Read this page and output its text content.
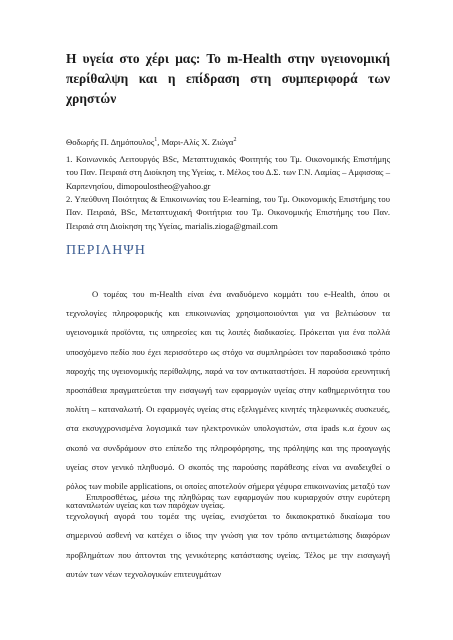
Η υγεία στο χέρι μας: Το m-Health στην υγειονομική περίθαλψη και η επίδραση στη συμπεριφορά των χρηστών
Θοδωρής Π. Δημόπουλος$^1$, Μαρι-Αλίς Χ. Ζιώγα$^2$
1. Κοινωνικός Λειτουργός BSc, Μεταπτυχιακός Φοιτητής του Τμ. Οικονομικής Επιστήμης του Παν. Πειραιά στη Διοίκηση της Υγείας, τ. Μέλος του Δ.Σ. των Γ.Ν. Λαμίας – Αμφισσας – Καρπενησίου, dimopoulostheo@yahoo.gr
2. Υπεύθυνη Ποιότητας & Επικοινωνίας του E-learning, του Τμ. Οικονομικής Επιστήμης του Παν. Πειραιά, BSc, Μεταπτυχιακή Φοιτήτρια του Τμ. Οικονομικής Επιστήμης του Παν. Πειραιά στη Διοίκηση της Υγείας, marialis.zioga@gmail.com
ΠΕΡΙΛΗΨΗ

Ο τομέας του m-Health είναι ένα αναδυόμενο κομμάτι του e-Health, όπου οι τεχνολογίες πληροφορικής και επικοινωνίας χρησιμοποιούνται για να βελτιώσουν τα υγειονομικά προϊόντα, τις υπηρεσίες και τις λοιπές διαδικασίες. Πρόκειται για ένα πολλά υποσχόμενο πεδίο που έχει περισσότερο ως στόχο να συμπληρώσει τον παραδοσιακό τρόπο παροχής της υγειονομικής περίθαλψης, παρά να τον αντικαταστήσει. Η παρούσα ερευνητική προσπάθεια πραγματεύεται την εισαγωγή των εφαρμογών υγείας στην καθημερινότητα του πολίτη – καταναλωτή. Οι εφαρμογές υγείας στις εξελιγμένες κινητές τηλεφωνικές συσκευές, στα εκσυγχρονισμένα λογισμικά των ηλεκτρονικών υπολογιστών, στα ipads κ.α έχουν ως σκοπό να συνδράμουν στο επίπεδο της πληροφόρησης, της πρόληψης και της προαγωγής υγείας στον γενικό πληθυσμό. Ο σκοπός της παρούσης παράθεσης είναι να αναδειχθεί ο ρόλος των mobile applications, οι οποίες αποτελούν σήμερα γέφυρα επικοινωνίας μεταξύ των καταναλωτών υγείας και των παρόχων υγείας.

Επιπροσθέτως, μέσω της πληθώρας των εφαρμογών που κυριαρχούν στην ευρύτερη τεχνολογική αγορά του τομέα της υγείας, ενισχύεται το δικαιοκρατικό δικαίωμα του σημερινού ασθενή να κατέχει ο ίδιος την γνώση για τον τρόπο αντιμετώπισης διαφόρων προβλημάτων που άπτονται της γενικότερης κατάστασης υγείας. Τέλος με την εισαγωγή αυτών των νέων τεχνολογικών επιτευγμάτων
